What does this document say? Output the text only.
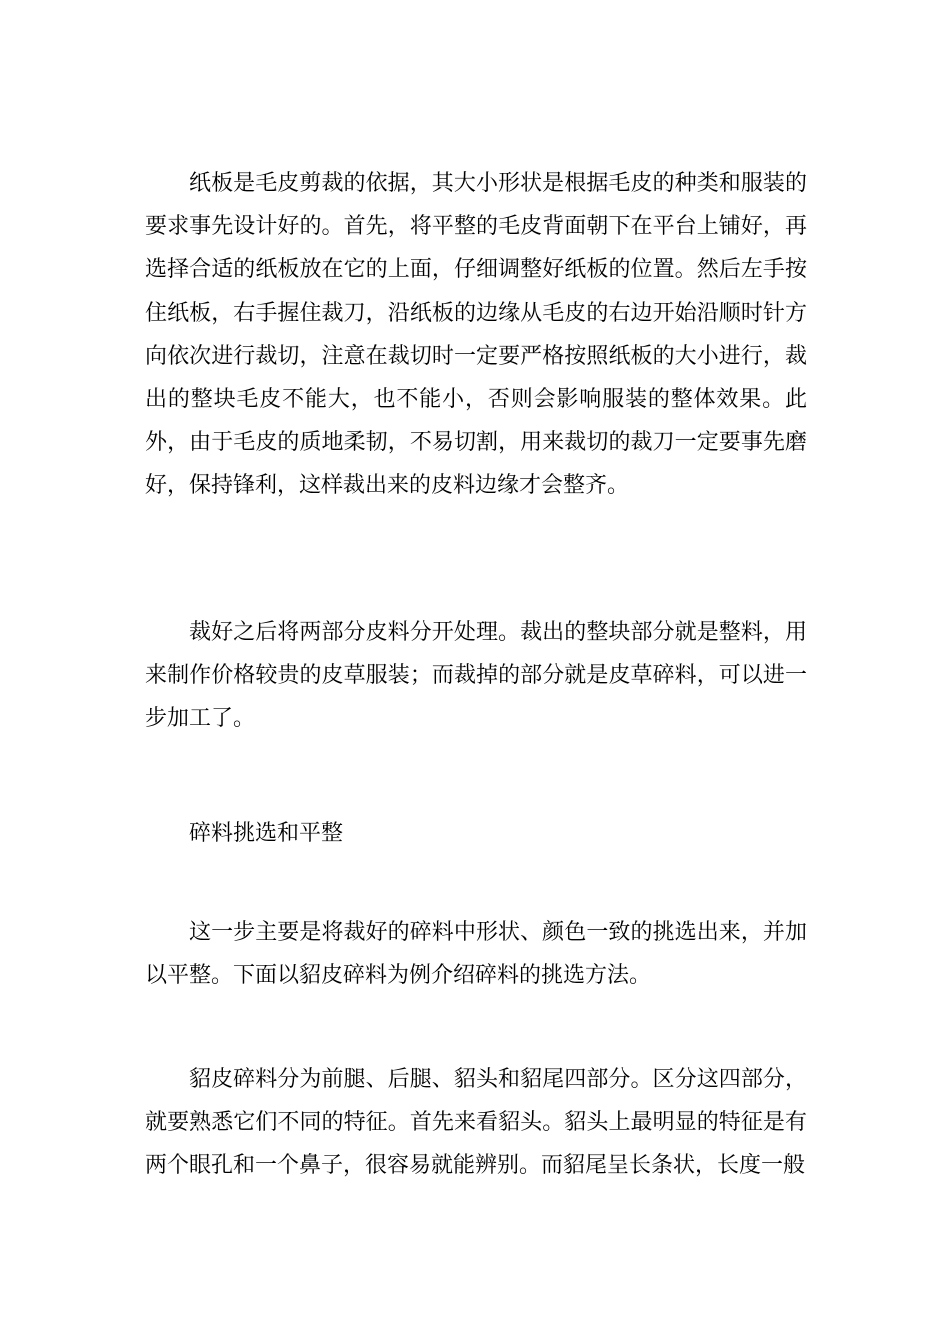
纸板是毛皮剪裁的依据，其大小形状是根据毛皮的种类和服装的要求事先设计好的。首先，将平整的毛皮背面朝下在平台上铺好，再选择合适的纸板放在它的上面，仔细调整好纸板的位置。然后左手按住纸板，右手握住裁刀，沿纸板的边缘从毛皮的右边开始沿顺时针方向依次进行裁切，注意在裁切时一定要严格按照纸板的大小进行，裁出的整块毛皮不能大，也不能小，否则会影响服装的整体效果。此外，由于毛皮的质地柔韧，不易切割，用来裁切的裁刀一定要事先磨好，保持锋利，这样裁出来的皮料边缘才会整齐。

裁好之后将两部分皮料分开处理。裁出的整块部分就是整料，用来制作价格较贵的皮草服装；而裁掉的部分就是皮草碎料，可以进一步加工了。

碎料挑选和平整

这一步主要是将裁好的碎料中形状、颜色一致的挑选出来，并加以平整。下面以貂皮碎料为例介绍碎料的挑选方法。

貂皮碎料分为前腿、后腿、貂头和貂尾四部分。区分这四部分，就要熟悉它们不同的特征。首先来看貂头。貂头上最明显的特征是有两个眼孔和一个鼻子，很容易就能辨别。而貂尾呈长条状，长度一般
